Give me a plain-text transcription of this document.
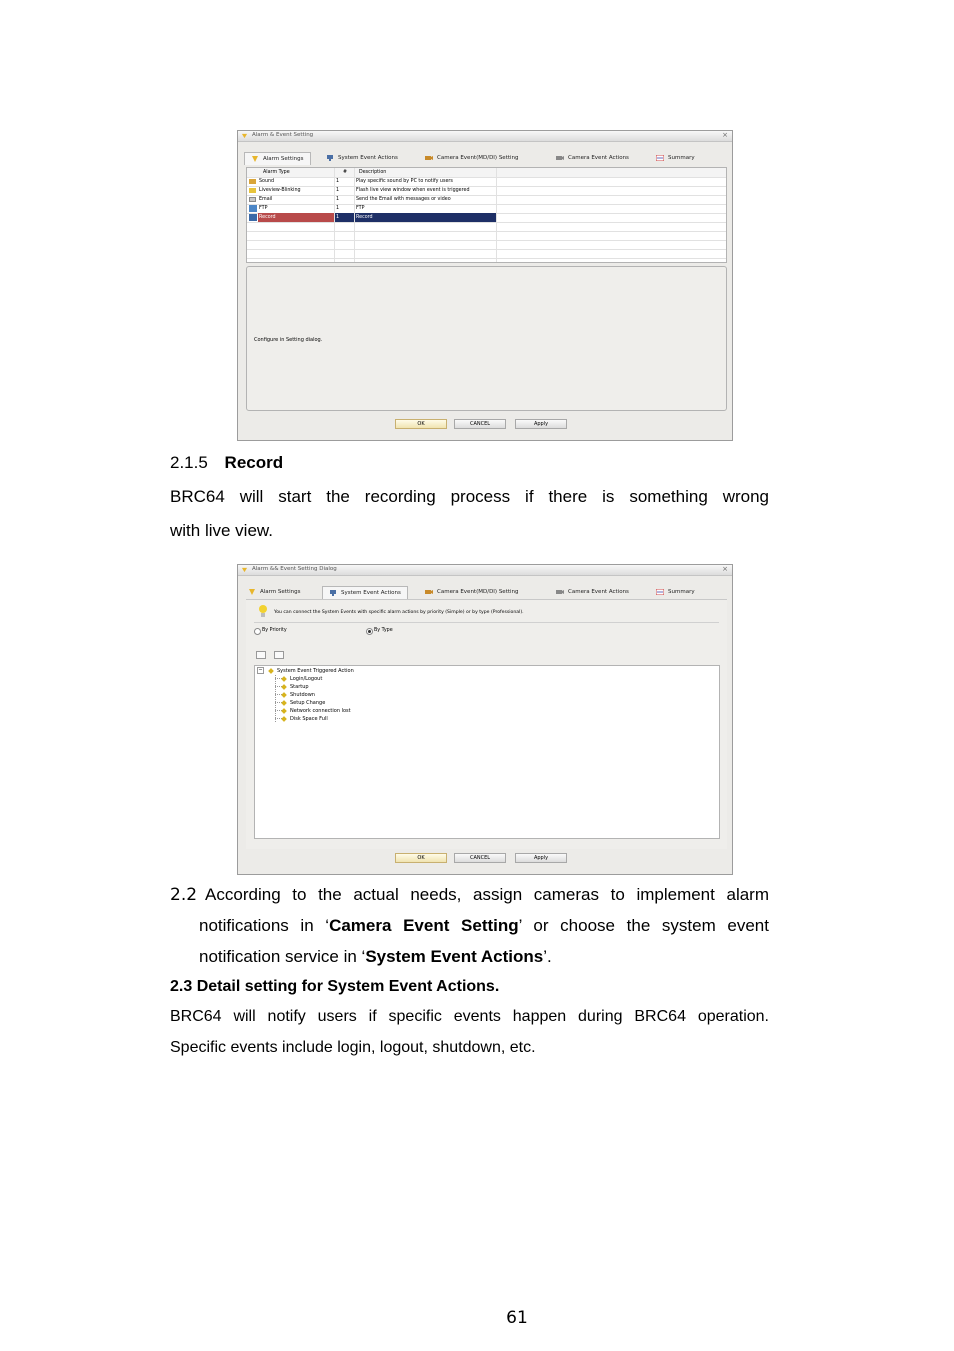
Alarm & Event Setting	×
Alarm Settings	System Event Actions	Camera Event(MD/DI) Setting	Camera Event Actions	Summary
Alarm Type	# Description
Sound	1	Play specific sound by PC to notify users
Liveview-Blinking	1	Flash live view window when event is triggered
Email	1	Send the Email with messages or video
FTP	1	FTP
Record	1	Record
Configure in Setting dialog.
OK	CANCEL	Apply
2.1.5 Record
BRC64 will start the recording process if there is something wrong
with live view.
Alarm && Event Setting Dialog	×
Alarm Settings	System Event Actions	Camera Event(MD/DI) Setting	Camera Event Actions	Summary
You can connect the System Events with specific alarm actions by priority (Simple) or by type (Professional).
By Priority	By Type
−	System Event Triggered Action
Login/Logout
Startup
Shutdown
Setup Change
Network connection lost
Disk Space Full
OK	CANCEL	Apply
2.2 According to the actual needs, assign cameras to implement alarm
notifications in ‘Camera Event Setting’ or choose the system event
notification service in ‘System Event Actions’.
2.3 Detail setting for System Event Actions.
BRC64 will notify users if specific events happen during BRC64 operation.
Specific events include login, logout, shutdown, etc.
61
